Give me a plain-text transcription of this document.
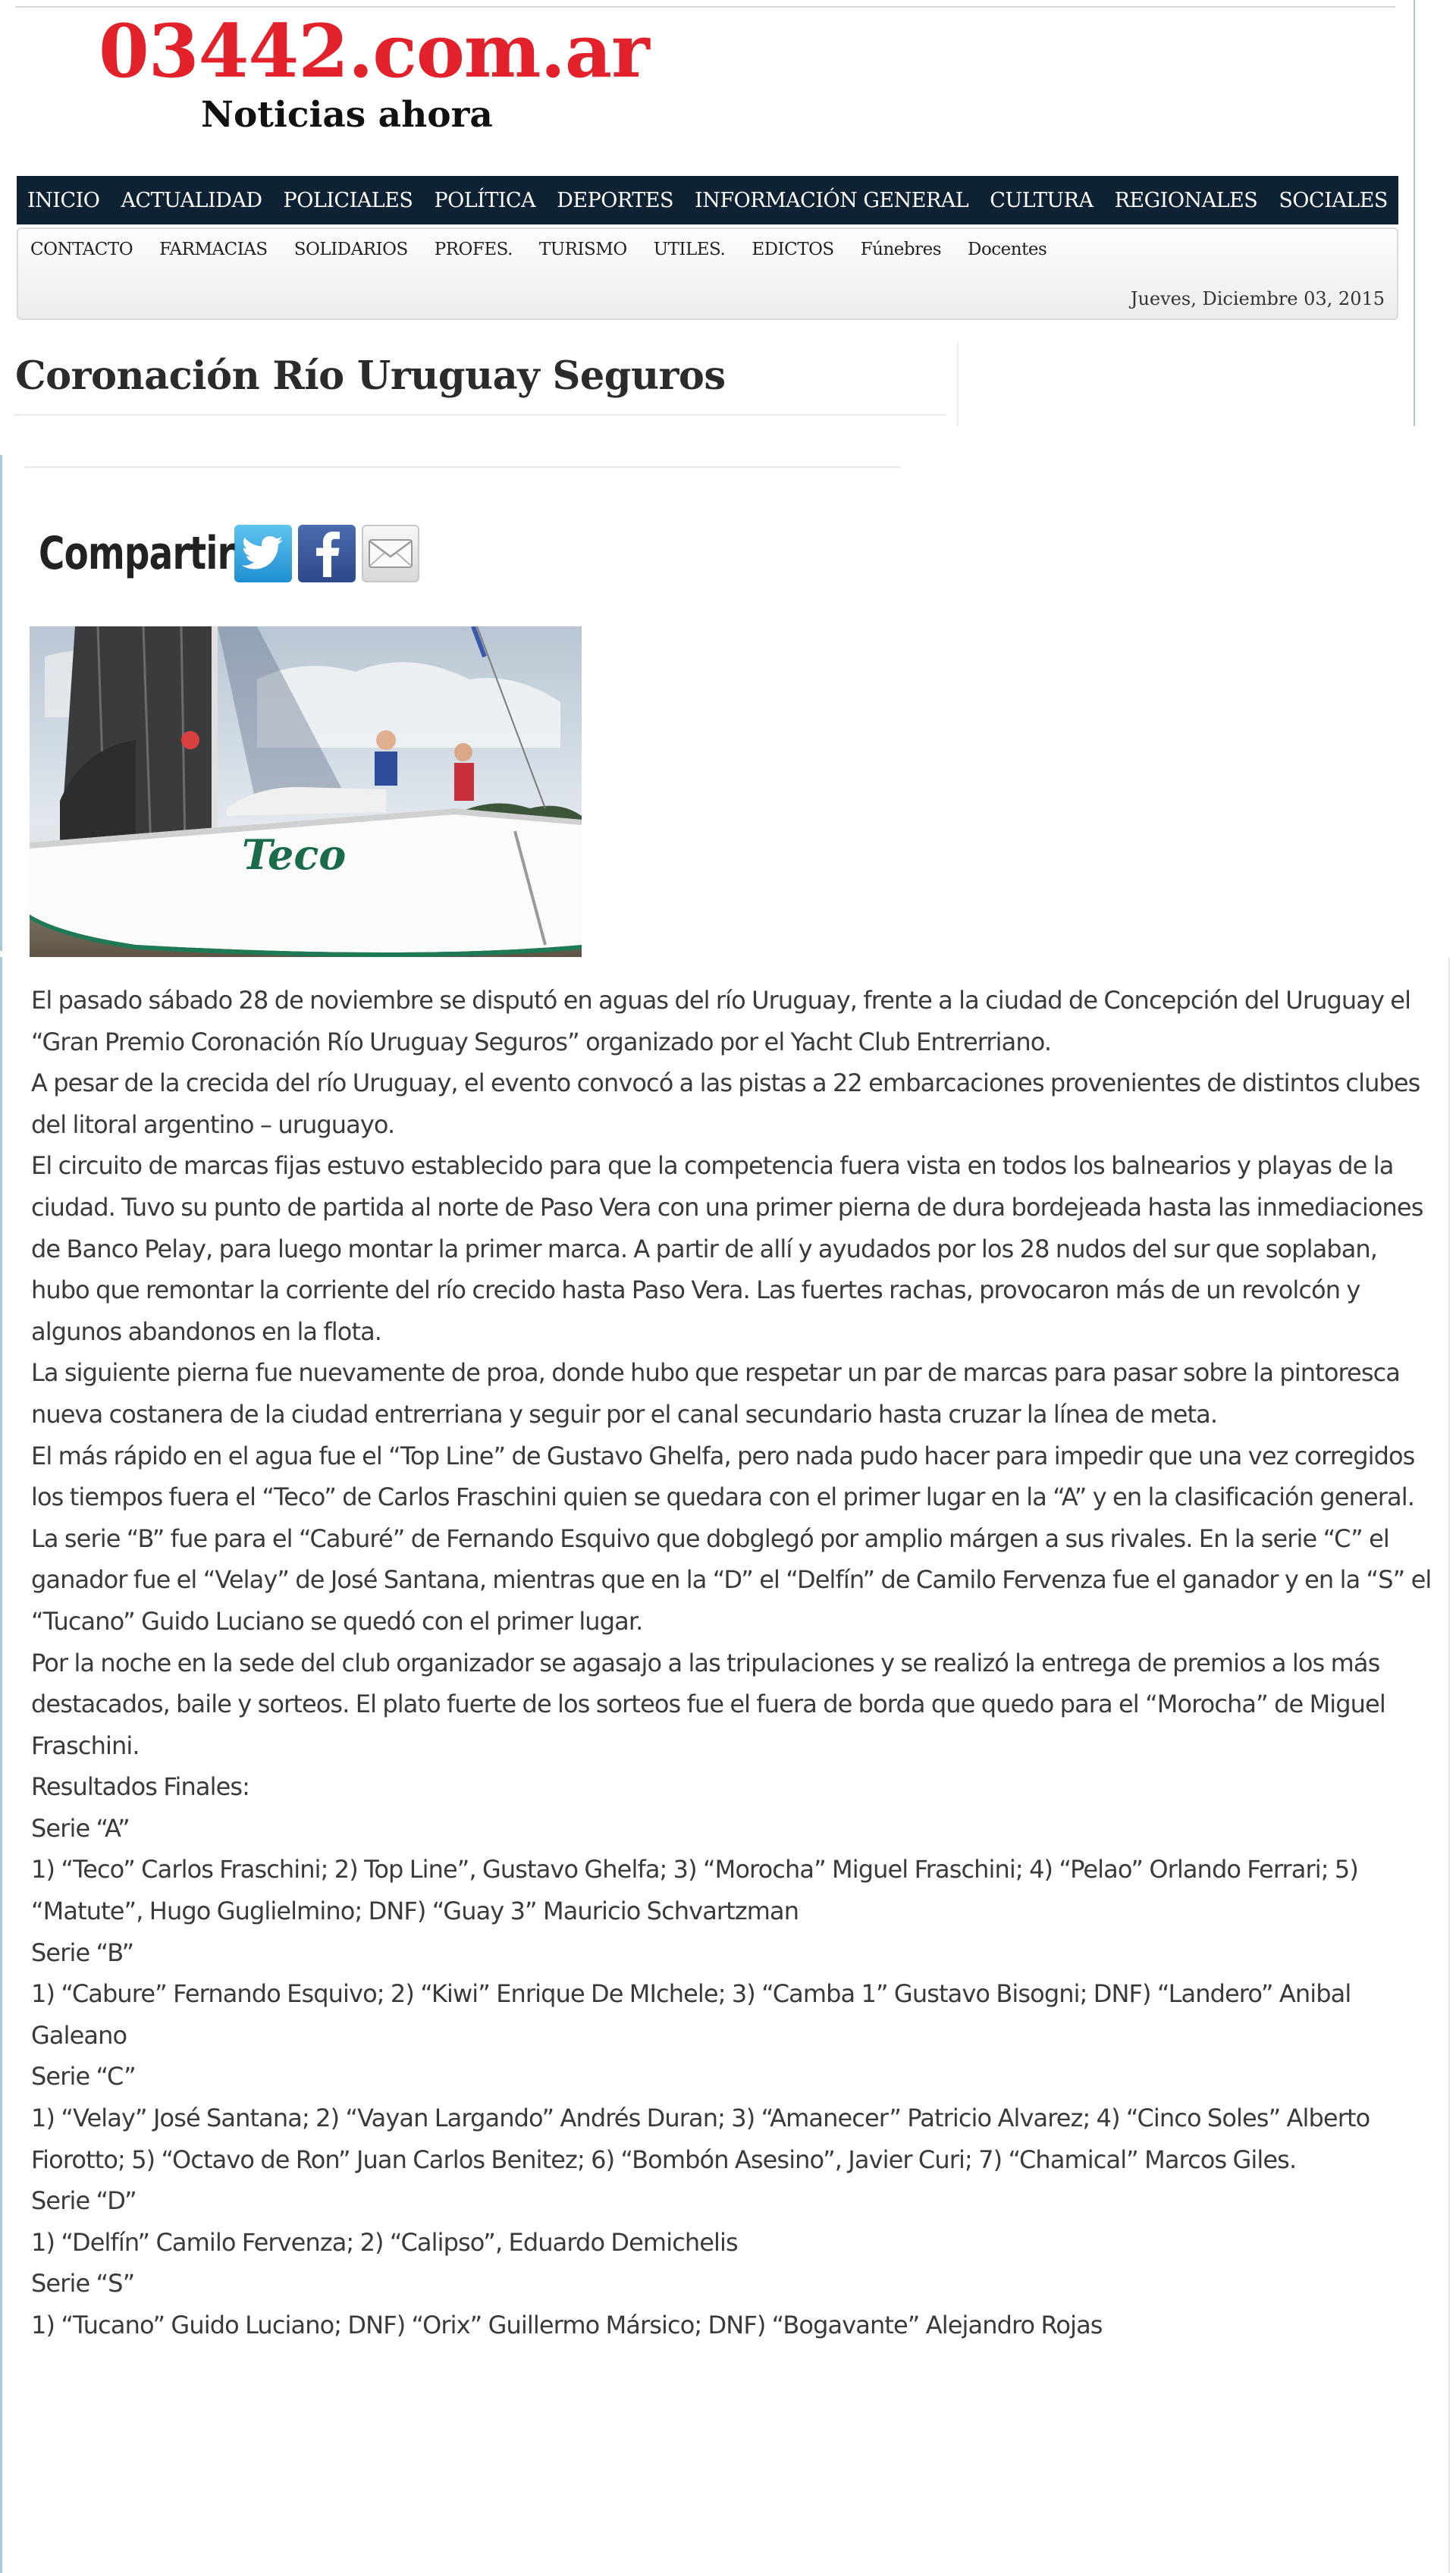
03442.com.ar
Noticias ahora
INICIO ACTUALIDAD POLICIALES POLÍTICA DEPORTES INFORMACIÓN GENERAL CULTURA REGIONALES SOCIALES
CONTACTO FARMACIAS SOLIDARIOS PROFES. TURISMO UTILES. EDICTOS Fúnebres Docentes
Jueves, Diciembre 03, 2015
Coronación Río Uruguay Seguros
Compartir
Teco

El pasado sábado 28 de noviembre se disputó en aguas del río Uruguay, frente a la ciudad de Concepción del Uruguay el “Gran Premio Coronación Río Uruguay Seguros” organizado por el Yacht Club Entrerriano.

A pesar de la crecida del río Uruguay, el evento convocó a las pistas a 22 embarcaciones provenientes de distintos clubes del litoral argentino – uruguayo.

El circuito de marcas fijas estuvo establecido para que la competencia fuera vista en todos los balnearios y playas de la ciudad. Tuvo su punto de partida al norte de Paso Vera con una primer pierna de dura bordejeada hasta las inmediaciones de Banco Pelay, para luego montar la primer marca. A partir de allí y ayudados por los 28 nudos del sur que soplaban, hubo que remontar la corriente del río crecido hasta Paso Vera. Las fuertes rachas, provocaron más de un revolcón y algunos abandonos en la flota.

La siguiente pierna fue nuevamente de proa, donde hubo que respetar un par de marcas para pasar sobre la pintoresca nueva costanera de la ciudad entrerriana y seguir por el canal secundario hasta cruzar la línea de meta.

El más rápido en el agua fue el “Top Line” de Gustavo Ghelfa, pero nada pudo hacer para impedir que una vez corregidos los tiempos fuera el “Teco” de Carlos Fraschini quien se quedara con el primer lugar en la “A” y en la clasificación general. La serie “B” fue para el “Caburé” de Fernando Esquivo que dobglegó por amplio márgen a sus rivales. En la serie “C” el ganador fue el “Velay” de José Santana, mientras que en la “D” el “Delfín” de Camilo Fervenza fue el ganador y en la “S” el “Tucano” Guido Luciano se quedó con el primer lugar.

Por la noche en la sede del club organizador se agasajo a las tripulaciones y se realizó la entrega de premios a los más destacados, baile y sorteos. El plato fuerte de los sorteos fue el fuera de borda que quedo para el “Morocha” de Miguel Fraschini.

Resultados Finales:

Serie “A”

1) “Teco” Carlos Fraschini; 2) Top Line”, Gustavo Ghelfa; 3) “Morocha” Miguel Fraschini; 4) “Pelao” Orlando Ferrari; 5) “Matute”, Hugo Guglielmino; DNF) “Guay 3” Mauricio Schvartzman

Serie “B”

1) “Cabure” Fernando Esquivo; 2) “Kiwi” Enrique De MIchele; 3) “Camba 1” Gustavo Bisogni; DNF) “Landero” Anibal Galeano

Serie “C”

1) “Velay” José Santana; 2) “Vayan Largando” Andrés Duran; 3) “Amanecer” Patricio Alvarez; 4) “Cinco Soles” Alberto Fiorotto; 5) “Octavo de Ron” Juan Carlos Benitez; 6) “Bombón Asesino”, Javier Curi; 7) “Chamical” Marcos Giles.

Serie “D”

1) “Delfín” Camilo Fervenza; 2) “Calipso”, Eduardo Demichelis

Serie “S”

1) “Tucano” Guido Luciano; DNF) “Orix” Guillermo Mársico; DNF) “Bogavante” Alejandro Rojas
